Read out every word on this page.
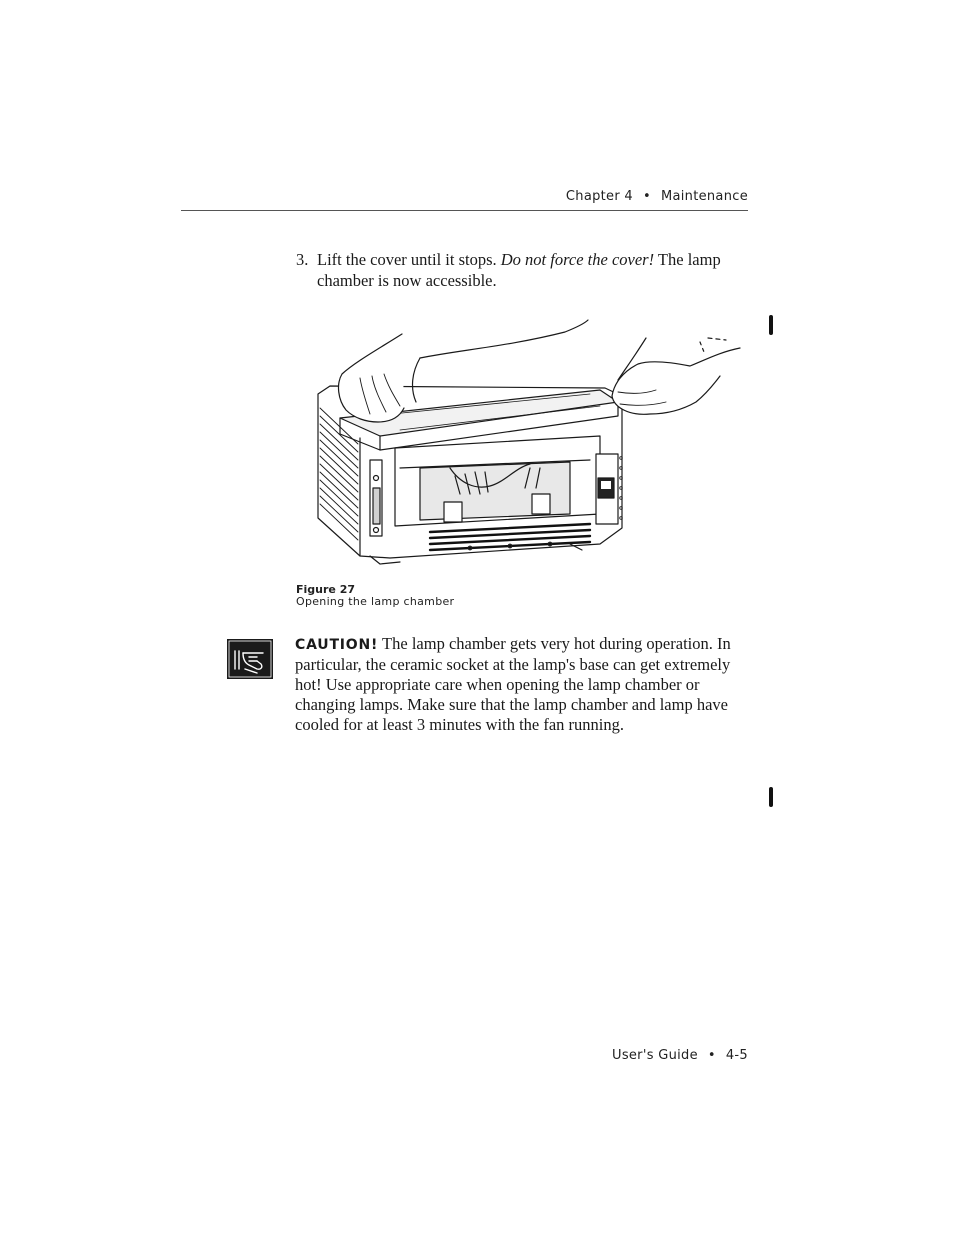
Chapter 4 • Maintenance
3. Lift the cover until it stops. Do not force the cover! The lamp chamber is now accessible.
Figure 27
Opening the lamp chamber
CAUTION! The lamp chamber gets very hot during operation. In particular, the ceramic socket at the lamp's base can get extremely hot! Use appropriate care when opening the lamp chamber or changing lamps. Make sure that the lamp chamber and lamp have cooled for at least 3 minutes with the fan running.
User's Guide • 4-5
